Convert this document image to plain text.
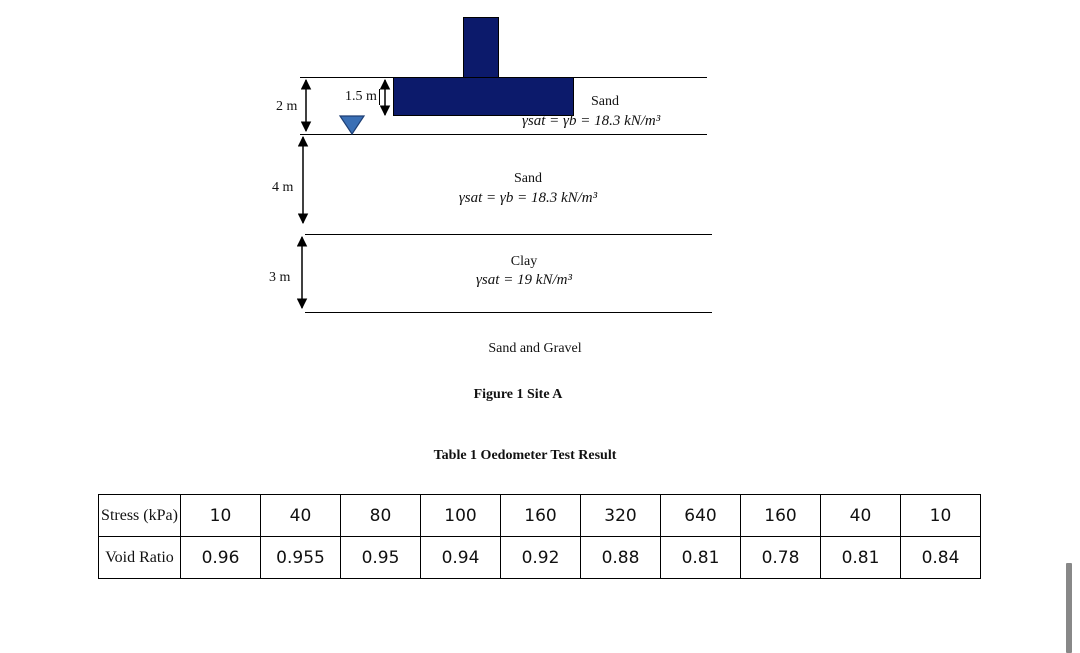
2 m
1.5 m
4 m
3 m
Sand
γsat = γb = 18.3 kN/m³
Sand
γsat = γb = 18.3 kN/m³
Clay
γsat = 19 kN/m³
Sand and Gravel
Figure 1 Site A
Table 1 Oedometer Test Result
Stress (kPa)	10	40	80	100	160	320	640	160	40	10
Void Ratio	0.96	0.955	0.95	0.94	0.92	0.88	0.81	0.78	0.81	0.84
